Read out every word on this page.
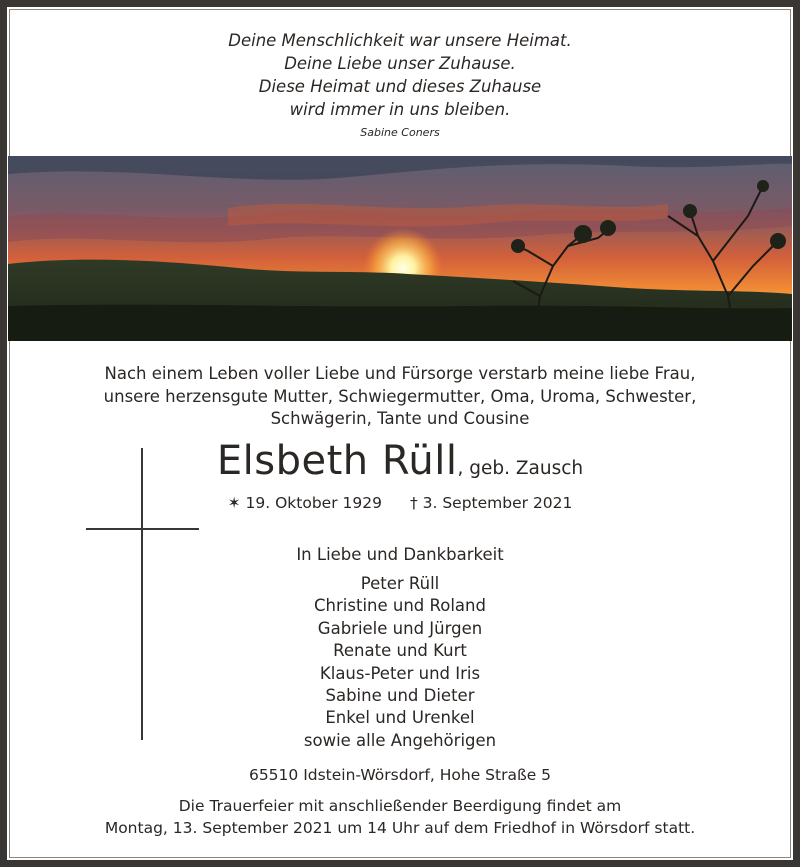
Deine Menschlichkeit war unsere Heimat.
Deine Liebe unser Zuhause.
Diese Heimat und dieses Zuhause
wird immer in uns bleiben.
Sabine Coners
Nach einem Leben voller Liebe und Fürsorge verstarb meine liebe Frau,
unsere herzensgute Mutter, Schwiegermutter, Oma, Uroma, Schwester,
Schwägerin, Tante und Cousine
Elsbeth Rüll, geb. Zausch
✶ 19. Oktober 1929 † 3. September 2021
In Liebe und Dankbarkeit
Peter Rüll
Christine und Roland
Gabriele und Jürgen
Renate und Kurt
Klaus-Peter und Iris
Sabine und Dieter
Enkel und Urenkel
sowie alle Angehörigen
65510 Idstein-Wörsdorf, Hohe Straße 5
Die Trauerfeier mit anschließender Beerdigung findet am
Montag, 13. September 2021 um 14 Uhr auf dem Friedhof in Wörsdorf statt.
